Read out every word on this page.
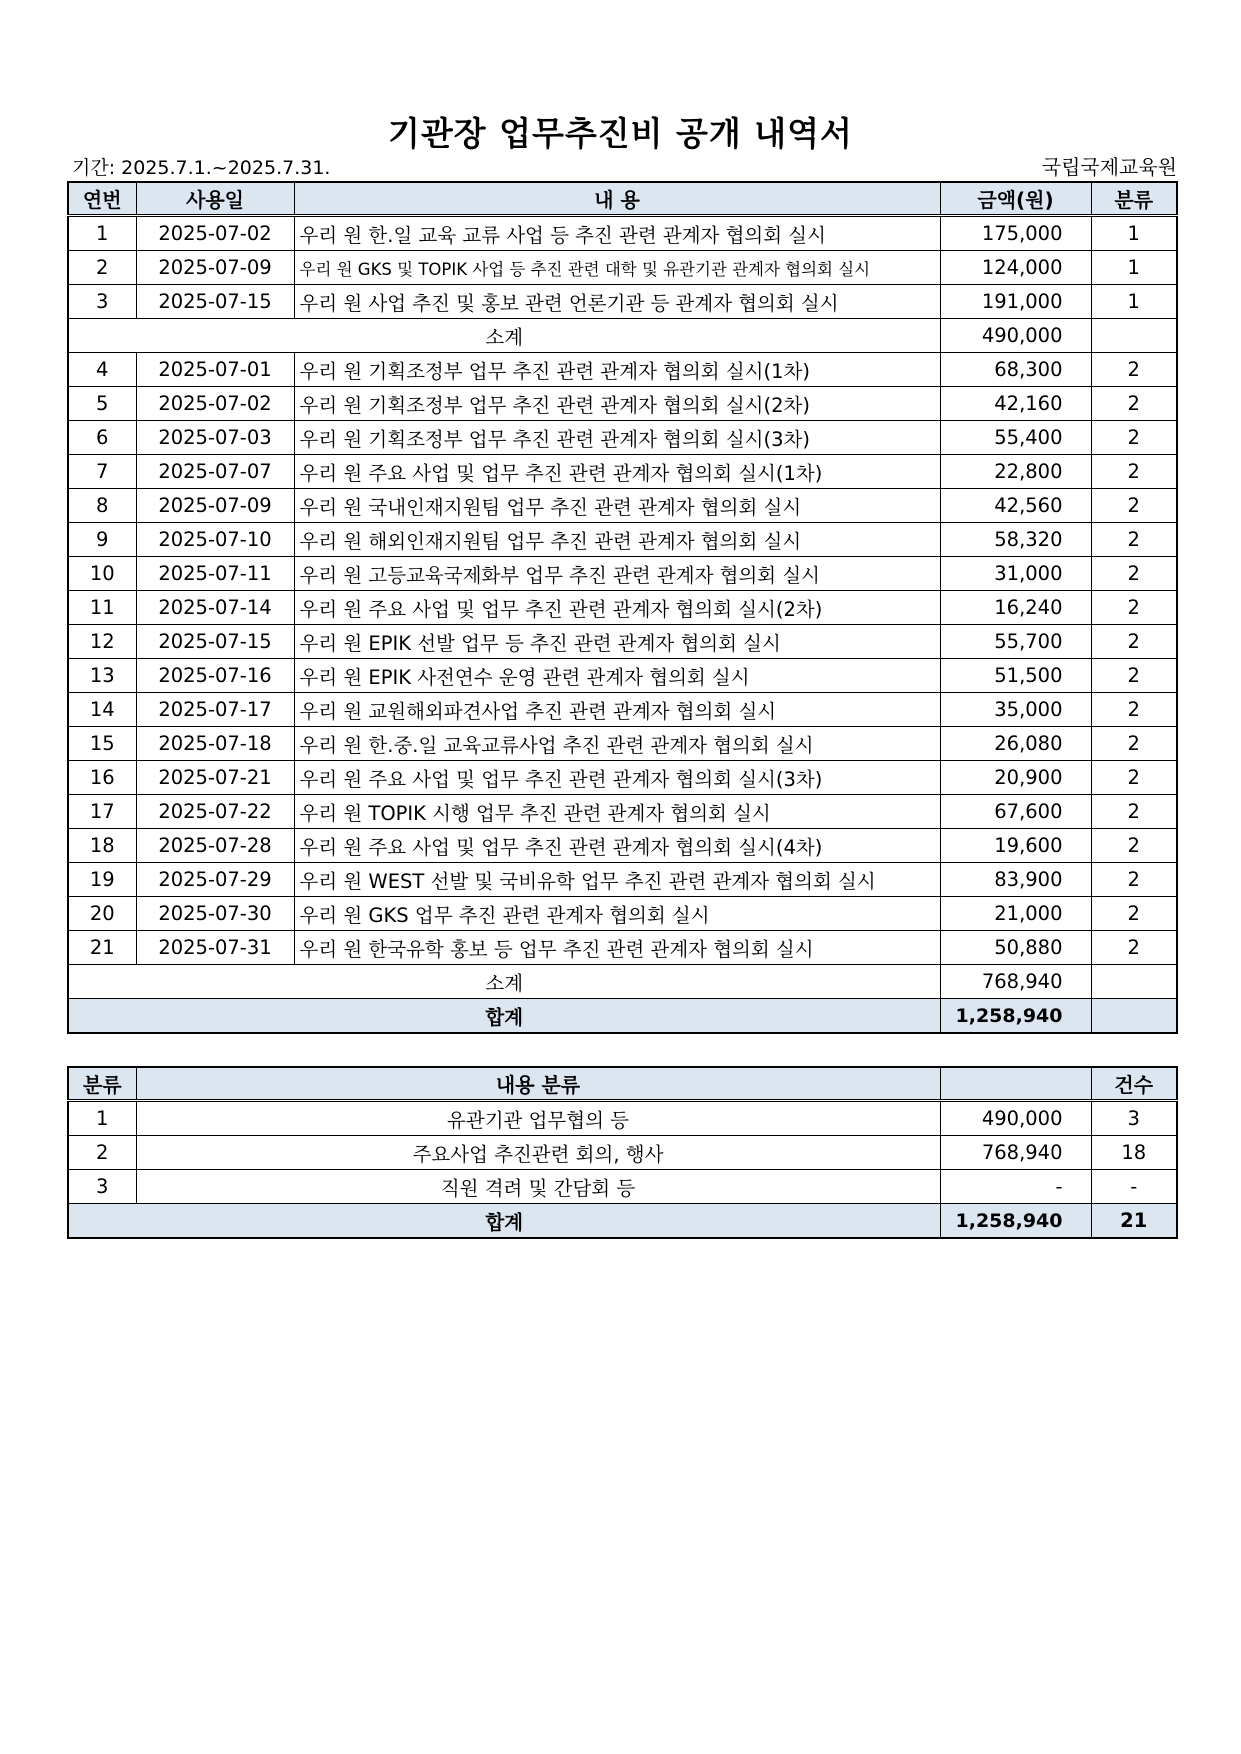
기관장 업무추진비 공개 내역서
기간: 2025.7.1.~2025.7.31.	국립국제교육원
연번	사용일	내 용	금액(원)	분류
1	2025-07-02	우리 원 한.일 교육 교류 사업 등 추진 관련 관계자 협의회 실시	175,000	1
2	2025-07-09	우리 원 GKS 및 TOPIK 사업 등 추진 관련 대학 및 유관기관 관계자 협의회 실시	124,000	1
3	2025-07-15	우리 원 사업 추진 및 홍보 관련 언론기관 등 관계자 협의회 실시	191,000	1
소계			490,000	
4	2025-07-01	우리 원 기획조정부 업무 추진 관련 관계자 협의회 실시(1차)	68,300	2
5	2025-07-02	우리 원 기획조정부 업무 추진 관련 관계자 협의회 실시(2차)	42,160	2
6	2025-07-03	우리 원 기획조정부 업무 추진 관련 관계자 협의회 실시(3차)	55,400	2
7	2025-07-07	우리 원 주요 사업 및 업무 추진 관련 관계자 협의회 실시(1차)	22,800	2
8	2025-07-09	우리 원 국내인재지원팀 업무 추진 관련 관계자 협의회 실시	42,560	2
9	2025-07-10	우리 원 해외인재지원팀 업무 추진 관련 관계자 협의회 실시	58,320	2
10	2025-07-11	우리 원 고등교육국제화부 업무 추진 관련 관계자 협의회 실시	31,000	2
11	2025-07-14	우리 원 주요 사업 및 업무 추진 관련 관계자 협의회 실시(2차)	16,240	2
12	2025-07-15	우리 원 EPIK 선발 업무 등 추진 관련 관계자 협의회 실시	55,700	2
13	2025-07-16	우리 원 EPIK 사전연수 운영 관련 관계자 협의회 실시	51,500	2
14	2025-07-17	우리 원 교원해외파견사업 추진 관련 관계자 협의회 실시	35,000	2
15	2025-07-18	우리 원 한.중.일 교육교류사업 추진 관련 관계자 협의회 실시	26,080	2
16	2025-07-21	우리 원 주요 사업 및 업무 추진 관련 관계자 협의회 실시(3차)	20,900	2
17	2025-07-22	우리 원 TOPIK 시행 업무 추진 관련 관계자 협의회 실시	67,600	2
18	2025-07-28	우리 원 주요 사업 및 업무 추진 관련 관계자 협의회 실시(4차)	19,600	2
19	2025-07-29	우리 원 WEST 선발 및 국비유학 업무 추진 관련 관계자 협의회 실시	83,900	2
20	2025-07-30	우리 원 GKS 업무 추진 관련 관계자 협의회 실시	21,000	2
21	2025-07-31	우리 원 한국유학 홍보 등 업무 추진 관련 관계자 협의회 실시	50,880	2
소계			768,940	
합계			1,258,940	
분류	내용 분류		건수
1	유관기관 업무협의 등	490,000	3
2	주요사업 추진관련 회의, 행사	768,940	18
3	직원 격려 및 간담회 등	-	-
합계		1,258,940	21
